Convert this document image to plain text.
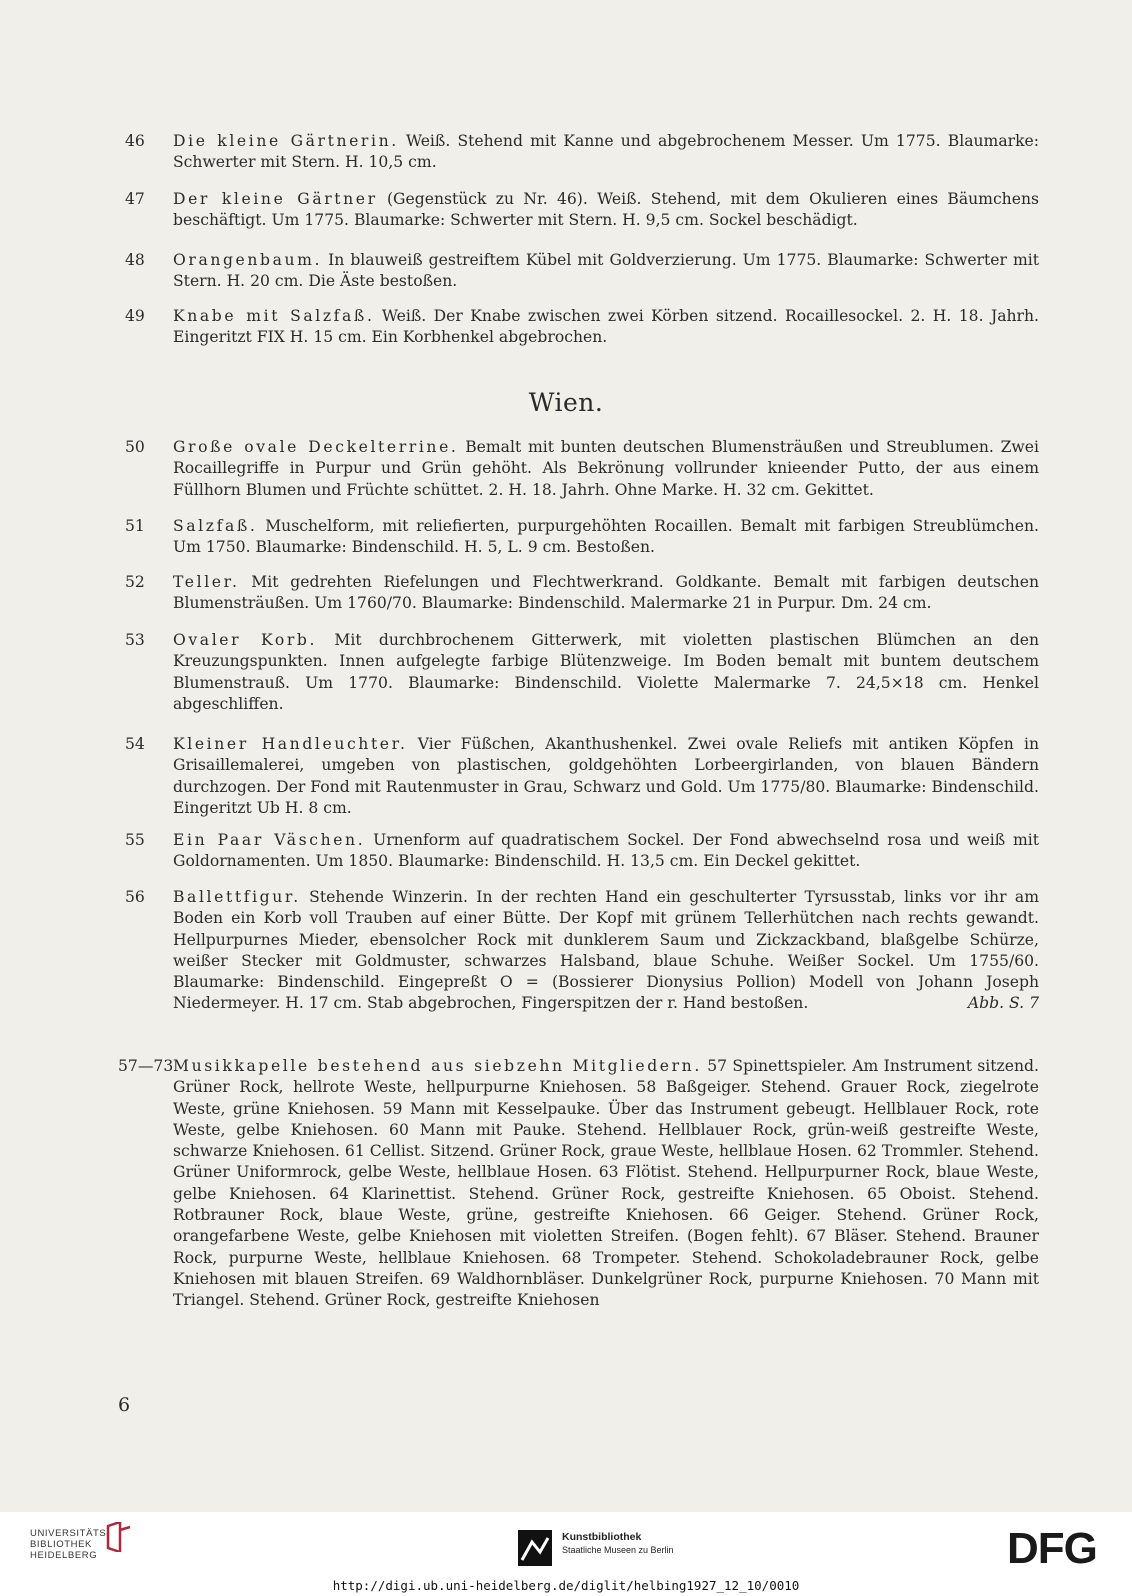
46	Die kleine Gärtnerin. Weiß. Stehend mit Kanne und abgebrochenem Messer. Um 1775. Blaumarke: Schwerter mit Stern. H. 10,5 cm.
47	Der kleine Gärtner (Gegenstück zu Nr. 46). Weiß. Stehend, mit dem Okulieren eines Bäumchens beschäftigt. Um 1775. Blaumarke: Schwerter mit Stern. H. 9,5 cm. Sockel beschädigt.
48	Orangenbaum. In blauweiß gestreiftem Kübel mit Goldverzierung. Um 1775. Blaumarke: Schwerter mit Stern. H. 20 cm. Die Äste bestoßen.
49	Knabe mit Salzfaß. Weiß. Der Knabe zwischen zwei Körben sitzend. Rocaillesockel. 2. H. 18. Jahrh. Eingeritzt FIX H. 15 cm. Ein Korbhenkel abgebrochen.
Wien.
50	Große ovale Deckelterrine. Bemalt mit bunten deutschen Blumensträußen und Streublumen. Zwei Rocaillegriffe in Purpur und Grün gehöht. Als Bekrönung vollrunder knieender Putto, der aus einem Füllhorn Blumen und Früchte schüttet. 2. H. 18. Jahrh. Ohne Marke. H. 32 cm. Gekittet.
51	Salzfaß. Muschelform, mit reliefierten, purpurgehöhten Rocaillen. Bemalt mit farbigen Streublümchen. Um 1750. Blaumarke: Bindenschild. H. 5, L. 9 cm. Bestoßen.
52	Teller. Mit gedrehten Riefelungen und Flechtwerkrand. Goldkante. Bemalt mit farbigen deutschen Blumensträußen. Um 1760/70. Blaumarke: Bindenschild. Malermarke 21 in Purpur. Dm. 24 cm.
53	Ovaler Korb. Mit durchbrochenem Gitterwerk, mit violetten plastischen Blümchen an den Kreuzungspunkten. Innen aufgelegte farbige Blütenzweige. Im Boden bemalt mit buntem deutschem Blumenstrauß. Um 1770. Blaumarke: Bindenschild. Violette Malermarke 7. 24,5×18 cm. Henkel abgeschliffen.
54	Kleiner Handleuchter. Vier Füßchen, Akanthushenkel. Zwei ovale Reliefs mit antiken Köpfen in Grisaillemalerei, umgeben von plastischen, goldgehöhten Lorbeergirlanden, von blauen Bändern durchzogen. Der Fond mit Rautenmuster in Grau, Schwarz und Gold. Um 1775/80. Blaumarke: Bindenschild. Eingeritzt Ub H. 8 cm.
55	Ein Paar Väschen. Urnenform auf quadratischem Sockel. Der Fond abwechselnd rosa und weiß mit Goldornamenten. Um 1850. Blaumarke: Bindenschild. H. 13,5 cm. Ein Deckel gekittet.
56	Ballettfigur. Stehende Winzerin. In der rechten Hand ein geschulterter Tyrsusstab, links vor ihr am Boden ein Korb voll Trauben auf einer Bütte. Der Kopf mit grünem Tellerhütchen nach rechts gewandt. Hellpurpurnes Mieder, ebensolcher Rock mit dunklerem Saum und Zickzackband, blaßgelbe Schürze, weißer Stecker mit Goldmuster, schwarzes Halsband, blaue Schuhe. Weißer Sockel. Um 1755/60. Blaumarke: Bindenschild. Eingepreßt O = (Bossierer Dionysius Pollion) Modell von Johann Joseph Niedermeyer. H. 17 cm. Stab abgebrochen, Fingerspitzen der r. Hand bestoßen.	Abb. S. 7
57—73 Musikkapelle bestehend aus siebzehn Mitgliedern. 57 Spinettspieler. Am Instrument sitzend. Grüner Rock, hellrote Weste, hellpurpurne Kniehosen. 58 Baßgeiger. Stehend. Grauer Rock, ziegelrote Weste, grüne Kniehosen. 59 Mann mit Kesselpauke. Über das Instrument gebeugt. Hellblauer Rock, rote Weste, gelbe Kniehosen. 60 Mann mit Pauke. Stehend. Hellblauer Rock, grün-weiß gestreifte Weste, schwarze Kniehosen. 61 Cellist. Sitzend. Grüner Rock, graue Weste, hellblaue Hosen. 62 Trommler. Stehend. Grüner Uniformrock, gelbe Weste, hellblaue Hosen. 63 Flötist. Stehend. Hellpurpurner Rock, blaue Weste, gelbe Kniehosen. 64 Klarinettist. Stehend. Grüner Rock, gestreifte Kniehosen. 65 Oboist. Stehend. Rotbrauner Rock, blaue Weste, grüne, gestreifte Kniehosen. 66 Geiger. Stehend. Grüner Rock, orangefarbene Weste, gelbe Kniehosen mit violetten Streifen. (Bogen fehlt). 67 Bläser. Stehend. Brauner Rock, purpurne Weste, hellblaue Kniehosen. 68 Trompeter. Stehend. Schokoladebrauner Rock, gelbe Kniehosen mit blauen Streifen. 69 Waldhornbläser. Dunkelgrüner Rock, purpurne Kniehosen. 70 Mann mit Triangel. Stehend. Grüner Rock, gestreifte Kniehosen
6
UNIVERSITÄTS-
BIBLIOTHEK
HEIDELBERG
Kunstbibliothek
Staatliche Museen zu Berlin	DFG
http://digi.ub.uni-heidelberg.de/diglit/helbing1927_12_10/0010
